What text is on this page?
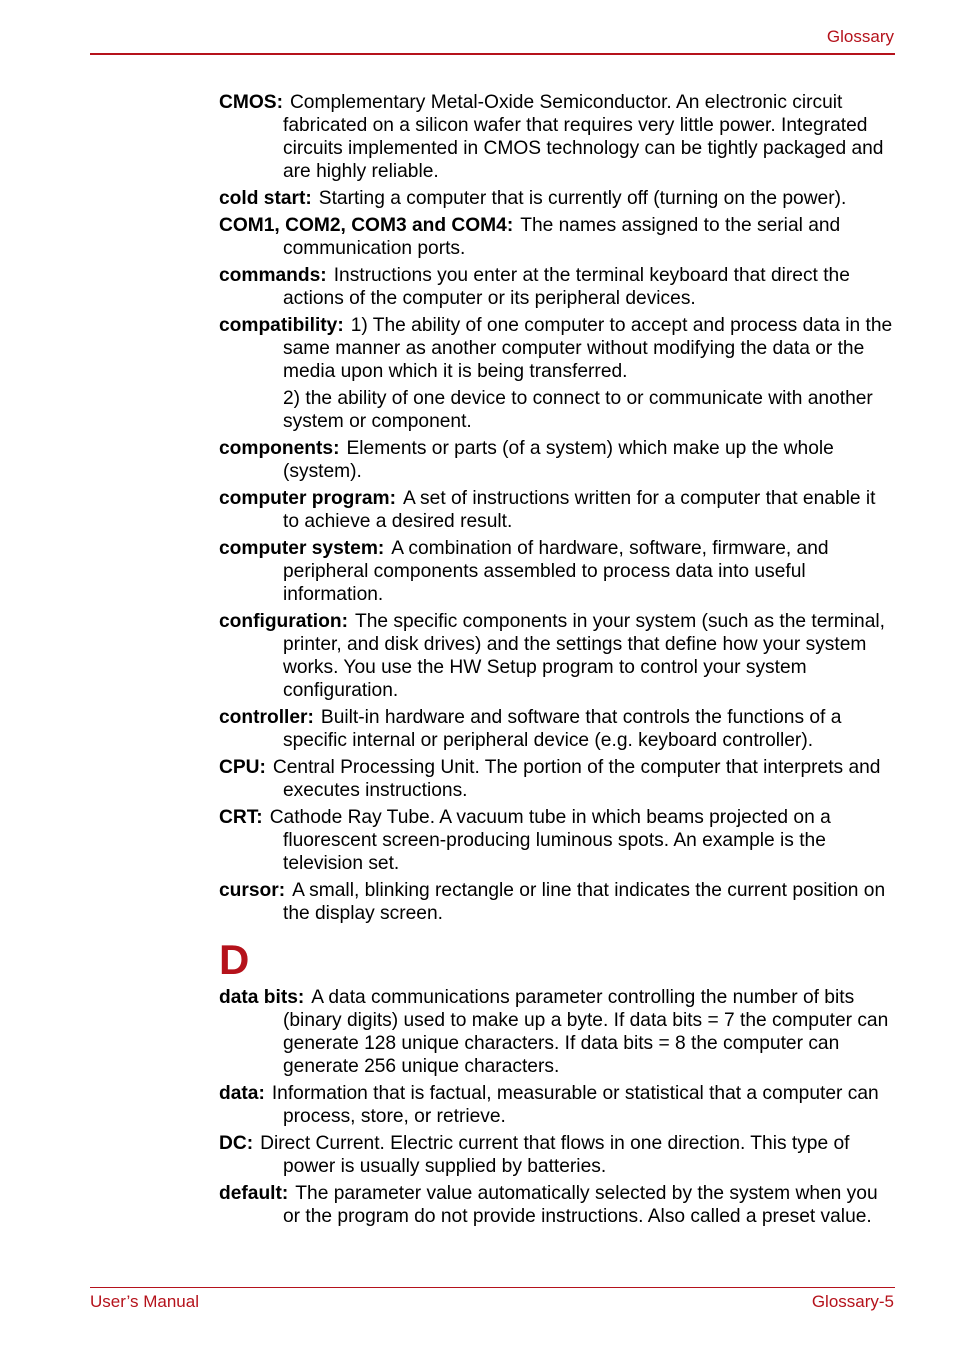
Glossary
CMOS: Complementary Metal-Oxide Semiconductor. An electronic circuit fabricated on a silicon wafer that requires very little power. Integrated circuits implemented in CMOS technology can be tightly packaged and are highly reliable.
cold start: Starting a computer that is currently off (turning on the power).
COM1, COM2, COM3 and COM4: The names assigned to the serial and communication ports.
commands: Instructions you enter at the terminal keyboard that direct the actions of the computer or its peripheral devices.
compatibility: 1) The ability of one computer to accept and process data in the same manner as another computer without modifying the data or the media upon which it is being transferred.
2) the ability of one device to connect to or communicate with another system or component.
components: Elements or parts (of a system) which make up the whole (system).
computer program: A set of instructions written for a computer that enable it to achieve a desired result.
computer system: A combination of hardware, software, firmware, and peripheral components assembled to process data into useful information.
configuration: The specific components in your system (such as the terminal, printer, and disk drives) and the settings that define how your system works. You use the HW Setup program to control your system configuration.
controller: Built-in hardware and software that controls the functions of a specific internal or peripheral device (e.g. keyboard controller).
CPU: Central Processing Unit. The portion of the computer that interprets and executes instructions.
CRT: Cathode Ray Tube. A vacuum tube in which beams projected on a fluorescent screen-producing luminous spots. An example is the television set.
cursor: A small, blinking rectangle or line that indicates the current position on the display screen.
D
data bits: A data communications parameter controlling the number of bits (binary digits) used to make up a byte. If data bits = 7 the computer can generate 128 unique characters. If data bits = 8 the computer can generate 256 unique characters.
data: Information that is factual, measurable or statistical that a computer can process, store, or retrieve.
DC: Direct Current. Electric current that flows in one direction. This type of power is usually supplied by batteries.
default: The parameter value automatically selected by the system when you or the program do not provide instructions. Also called a preset value.
User’s Manual	Glossary-5
